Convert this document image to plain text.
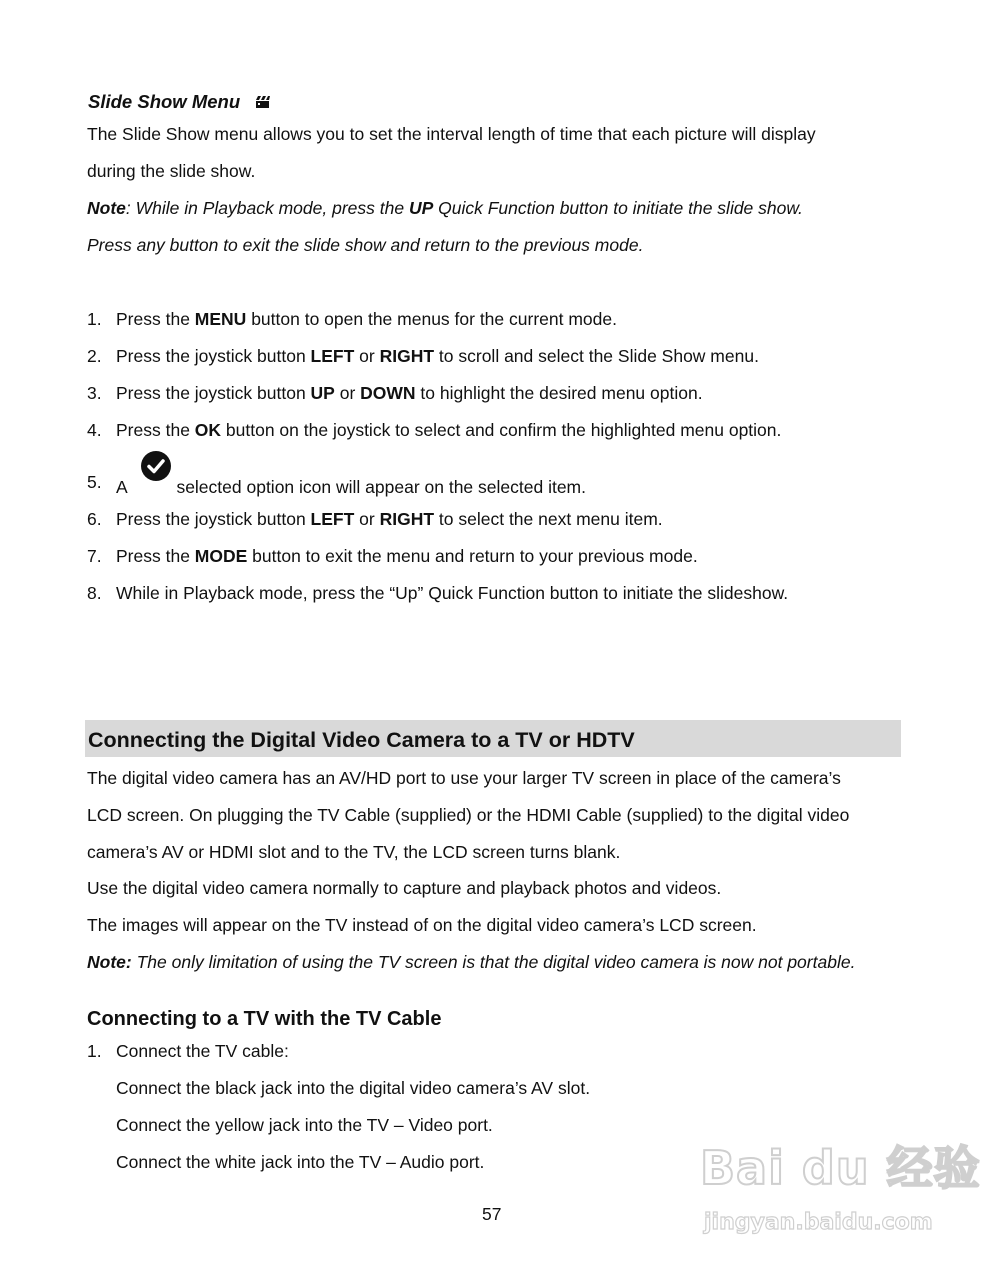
Slide Show Menu
The Slide Show menu allows you to set the interval length of time that each picture will display
during the slide show.
Note: While in Playback mode, press the UP Quick Function button to initiate the slide show.
Press any button to exit the slide show and return to the previous mode.
1. Press the MENU button to open the menus for the current mode.
2. Press the joystick button LEFT or RIGHT to scroll and select the Slide Show menu.
3. Press the joystick button UP or DOWN to highlight the desired menu option.
4. Press the OK button on the joystick to select and confirm the highlighted menu option.
5. A
selected option icon will appear on the selected item.
6. Press the joystick button LEFT or RIGHT to select the next menu item.
7. Press the MODE button to exit the menu and return to your previous mode.
8. While in Playback mode, press the “Up” Quick Function button to initiate the slideshow.
Connecting the Digital Video Camera to a TV or HDTV
The digital video camera has an AV/HD port to use your larger TV screen in place of the camera’s
LCD screen. On plugging the TV Cable (supplied) or the HDMI Cable (supplied) to the digital video
camera’s AV or HDMI slot and to the TV, the LCD screen turns blank.
Use the digital video camera normally to capture and playback photos and videos.
The images will appear on the TV instead of on the digital video camera’s LCD screen.
Note: The only limitation of using the TV screen is that the digital video camera is now not portable.
Connecting to a TV with the TV Cable
1. Connect the TV cable:
Connect the black jack into the digital video camera’s AV slot.
Connect the yellow jack into the TV – Video port.
Connect the white jack into the TV – Audio port.	Bai du 经验
jingyan.baidu.com
57
